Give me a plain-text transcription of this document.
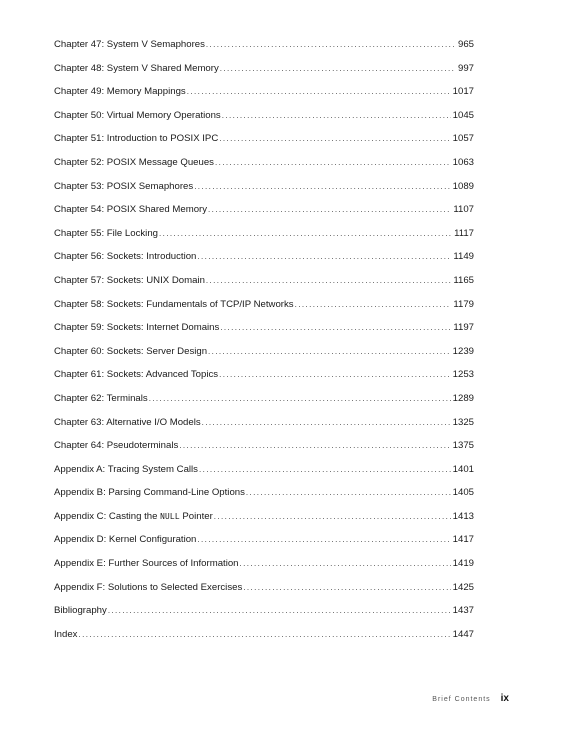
Chapter 47: System V Semaphores .....	965
Chapter 48: System V Shared Memory .....	997
Chapter 49: Memory Mappings .....	1017
Chapter 50: Virtual Memory Operations .....	1045
Chapter 51: Introduction to POSIX IPC .....	1057
Chapter 52: POSIX Message Queues .....	1063
Chapter 53: POSIX Semaphores .....	1089
Chapter 54: POSIX Shared Memory .....	1107
Chapter 55: File Locking .....	1117
Chapter 56: Sockets: Introduction .....	1149
Chapter 57: Sockets: UNIX Domain .....	1165
Chapter 58: Sockets: Fundamentals of TCP/IP Networks .....	1179
Chapter 59: Sockets: Internet Domains .....	1197
Chapter 60: Sockets: Server Design .....	1239
Chapter 61: Sockets: Advanced Topics .....	1253
Chapter 62: Terminals .....	1289
Chapter 63: Alternative I/O Models .....	1325
Chapter 64: Pseudoterminals .....	1375
Appendix A: Tracing System Calls .....	1401
Appendix B: Parsing Command-Line Options .....	1405
Appendix C: Casting the NULL Pointer .....	1413
Appendix D: Kernel Configuration .....	1417
Appendix E: Further Sources of Information .....	1419
Appendix F: Solutions to Selected Exercises .....	1425
Bibliography .....	1437
Index .....	1447
Brief Contents ix
